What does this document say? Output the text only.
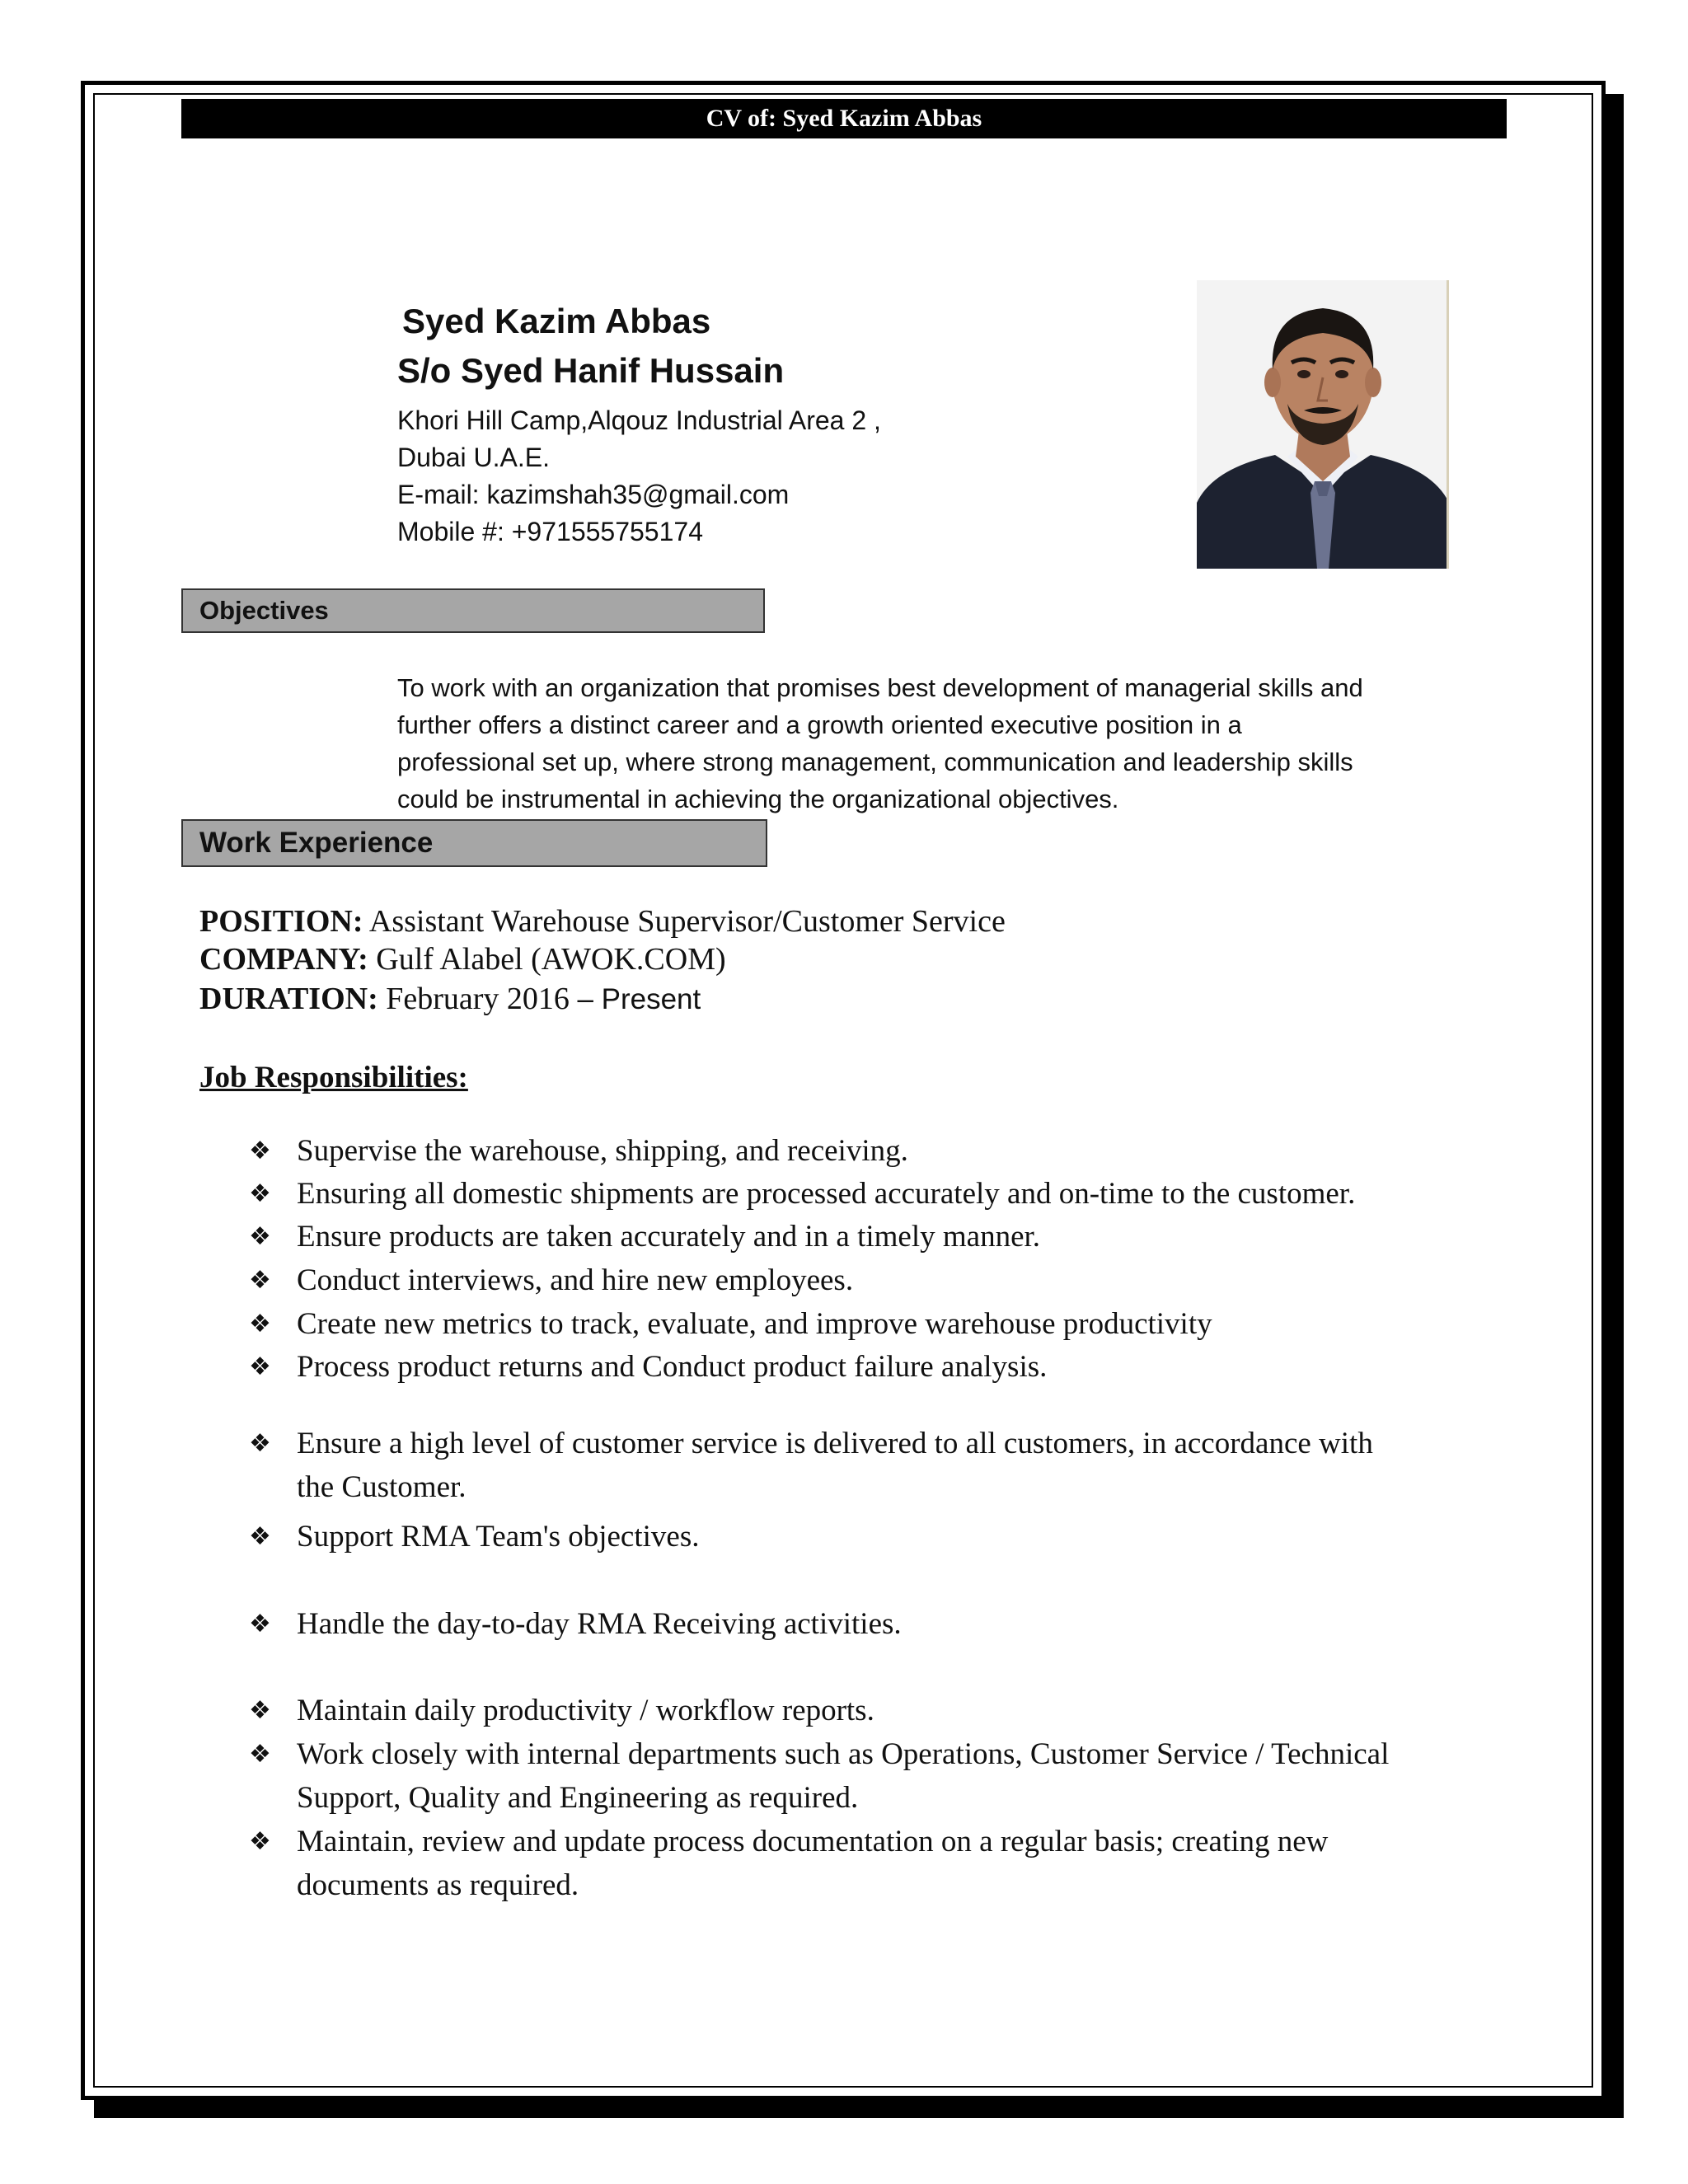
CV of: Syed Kazim Abbas
Syed Kazim Abbas
S/o Syed Hanif Hussain
Khori Hill Camp,Alqouz Industrial Area 2 ,
Dubai U.A.E.
E-mail: kazimshah35@gmail.com
Mobile #: +971555755174
Objectives
To work with an organization that promises best development of managerial skills and
further offers a distinct career and a growth oriented executive position in a
professional set up, where strong management, communication and leadership skills
could be instrumental in achieving the organizational objectives.
Work Experience
POSITION: Assistant Warehouse Supervisor/Customer Service
COMPANY: Gulf Alabel (AWOK.COM)
DURATION: February 2016 – Present
Job Responsibilities:
❖ Supervise the warehouse, shipping, and receiving.
❖ Ensuring all domestic shipments are processed accurately and on-time to the customer.
❖ Ensure products are taken accurately and in a timely manner.
❖ Conduct interviews, and hire new employees.
❖ Create new metrics to track, evaluate, and improve warehouse productivity
❖ Process product returns and Conduct product failure analysis.
❖ Ensure a high level of customer service is delivered to all customers, in accordance with
the Customer.
❖ Support RMA Team's objectives.
❖ Handle the day-to-day RMA Receiving activities.
❖ Maintain daily productivity / workflow reports.
❖ Work closely with internal departments such as Operations, Customer Service / Technical
Support, Quality and Engineering as required.
❖ Maintain, review and update process documentation on a regular basis; creating new
documents as required.
